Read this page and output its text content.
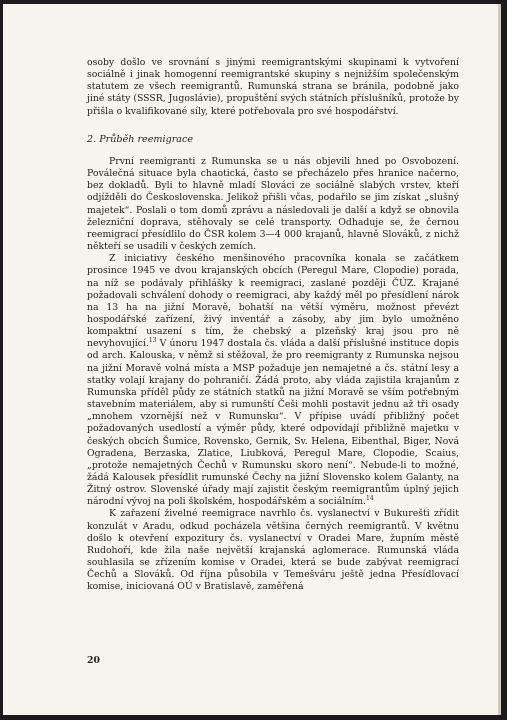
osoby došlo ve srovnání s jinými reemigrantskými skupinami k vytvoření sociálně i jinak homogenní reemigrantské skupiny s nejnižším společenským statutem ze všech reemigrantů. Rumunská strana se bránila, podobně jako jiné státy (SSSR, Jugoslávie), propuštění svých státních příslušníků, protože by přišla o kvalifikované síly, které potřebovala pro své hospodářství.

2. Průběh reemigrace

První reemigranti z Rumunska se u nás objevili hned po Osvobození. Poválečná situace byla chaotická, často se přecházelo přes hranice načerno, bez dokladů. Byli to hlavně mladí Slováci ze sociálně slabých vrstev, kteří odjížděli do Československa. Jelikož přišli včas, podařilo se jim získat „slušný majetek“. Poslali o tom domů zprávu a následovali je další a když se obnovila železniční doprava, stěhovaly se celé transporty. Odhaduje se, že černou reemigrací přesídlilo do ČSR kolem 3—4 000 krajanů, hlavně Slováků, z nichž někteří se usadili v českých zemích.

Z iniciativy českého menšinového pracovníka konala se začátkem prosince 1945 ve dvou krajanských obcích (Peregul Mare, Clopodie) porada, na níž se podávaly přihlášky k reemigraci, zaslané později ČÚZ. Krajané požadovali schválení dohody o reemigraci, aby každý měl po přesídlení nárok na 13 ha na jižní Moravě, bohatší na větší výměru, možnost převézt hospodářské zařízení, živý inventář a zásoby, aby jim bylo umožněno kompaktní usazení s tím, že chebský a plzeňský kraj jsou pro ně nevyhovující.$^{13}$ V únoru 1947 dostala čs. vláda a další příslušné instituce dopis od arch. Kalouska, v němž si stěžoval, že pro reemigranty z Rumunska nejsou na jižní Moravě volná místa a MSP požaduje jen nemajetné a čs. státní lesy a statky volají krajany do pohraničí. Žádá proto, aby vláda zajistila krajanům z Rumunska příděl půdy ze státních statků na jižní Moravě se vším potřebným stavebním materiálem, aby si rumunští Češi mohli postavit jednu až tři osady „mnohem vzornější než v Rumunsku“. V přípise uvádí přibližný počet požadovaných usedlostí a výměr půdy, které odpovídají přibližně majetku v českých obcích Šumice, Rovensko, Gernik, Sv. Helena, Eibenthal, Biger, Nová Ogradena, Berzaska, Zlatice, Liubková, Peregul Mare, Clopodie, Scaius, „protože nemajetných Čechů v Rumunsku skoro není“. Nebude-li to možné, žádá Kalousek přesídlit rumunské Čechy na jižní Slovensko kolem Galanty, na Žitný ostrov. Slovenské úřady mají zajistit českým reemigrantům úplný jejich národní vývoj na poli školském, hospodářském a sociálním.$^{14}$

K zařazení živelné reemigrace navrhlo čs. vyslanectví v Bukurešti zřídit konzulát v Aradu, odkud pocházela většina černých reemigrantů. V květnu došlo k otevření expozitury čs. vyslanectví v Oradei Mare, župním městě Rudohoří, kde žila naše největší krajanská aglomerace. Rumunská vláda souhlasila se zřízením komise v Oradei, která se bude zabývat reemigrací Čechů a Slováků. Od října působila v Temešváru ještě jedna Přesídlovací komise, iniciovaná OÚ v Bratislavě, zaměřená

20
